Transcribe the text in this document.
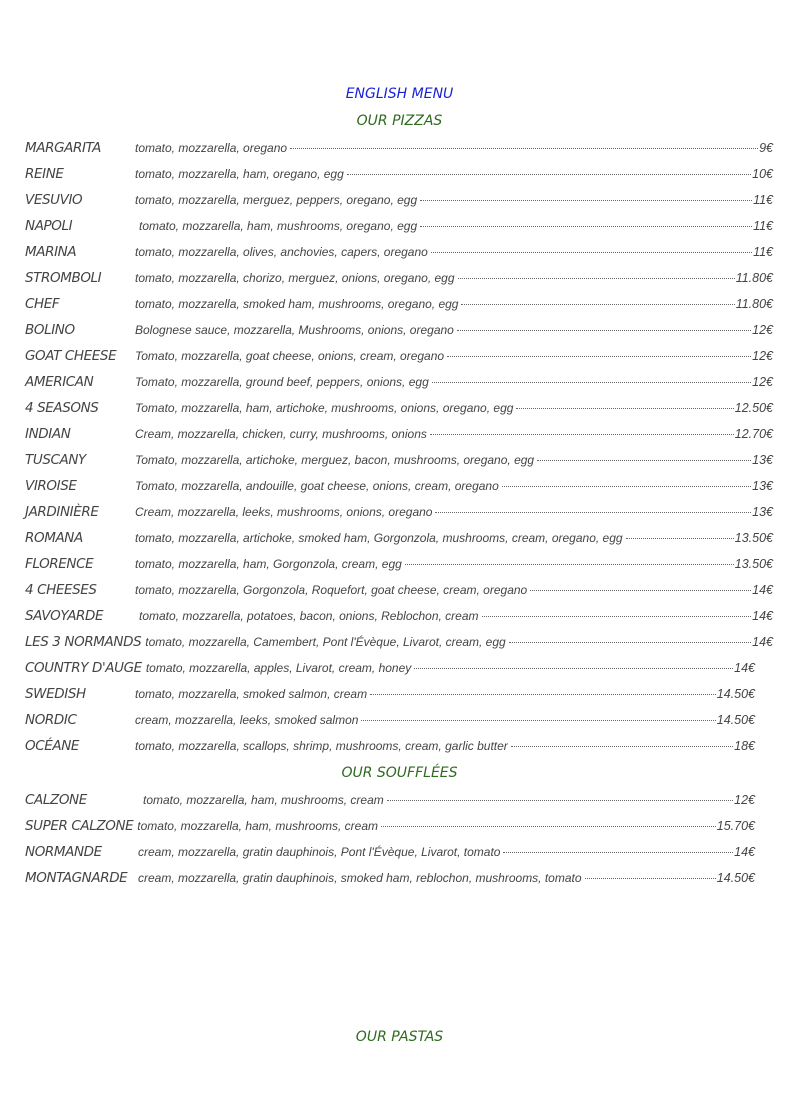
ENGLISH MENU
OUR PIZZAS
MARGARITA	tomato, mozzarella, oregano	9€
REINE	tomato, mozzarella, ham, oregano, egg	10€
VESUVIO	tomato, mozzarella, merguez, peppers, oregano, egg	11€
NAPOLI	tomato, mozzarella, ham, mushrooms, oregano, egg	11€
MARINA	tomato, mozzarella, olives, anchovies, capers, oregano	11€
STROMBOLI	tomato, mozzarella, chorizo, merguez, onions, oregano, egg	11.80€
CHEF	tomato, mozzarella, smoked ham, mushrooms, oregano, egg	11.80€
BOLINO	Bolognese sauce, mozzarella, Mushrooms, onions, oregano	12€
GOAT CHEESE	Tomato, mozzarella, goat cheese, onions, cream, oregano	12€
AMERICAN	Tomato, mozzarella, ground beef, peppers, onions, egg	12€
4 SEASONS	Tomato, mozzarella, ham, artichoke, mushrooms, onions, oregano, egg	12.50€
INDIAN	Cream, mozzarella, chicken, curry, mushrooms, onions	12.70€
TUSCANY	Tomato, mozzarella, artichoke, merguez, bacon, mushrooms, oregano, egg	13€
VIROISE	Tomato, mozzarella, andouille, goat cheese, onions, cream, oregano	13€
JARDINIÈRE	Cream, mozzarella, leeks, mushrooms, onions, oregano	13€
ROMANA	tomato, mozzarella, artichoke, smoked ham, Gorgonzola, mushrooms, cream, oregano, egg	13.50€
FLORENCE	tomato, mozzarella, ham, Gorgonzola, cream, egg	13.50€
4 CHEESES	tomato, mozzarella, Gorgonzola, Roquefort, goat cheese, cream, oregano	14€
SAVOYARDE	tomato, mozzarella, potatoes, bacon, onions, Reblochon, cream	14€
LES 3 NORMANDS tomato, mozzarella, Camembert, Pont l'Évèque, Livarot, cream, egg	14€
COUNTRY D'AUGE tomato, mozzarella, apples, Livarot, cream, honey	14€
SWEDISH	tomato, mozzarella, smoked salmon, cream	14.50€
NORDIC	cream, mozzarella, leeks, smoked salmon	14.50€
OCÉANE	tomato, mozzarella, scallops, shrimp, mushrooms, cream, garlic butter	18€
OUR SOUFFLÉES
CALZONE	tomato, mozzarella, ham, mushrooms, cream	12€
SUPER CALZONE tomato, mozzarella, ham, mushrooms, cream	15.70€
NORMANDE	cream, mozzarella, gratin dauphinois, Pont l'Évèque, Livarot, tomato	14€
MONTAGNARDE cream, mozzarella, gratin dauphinois, smoked ham, reblochon, mushrooms, tomato	14.50€
OUR PASTAS
